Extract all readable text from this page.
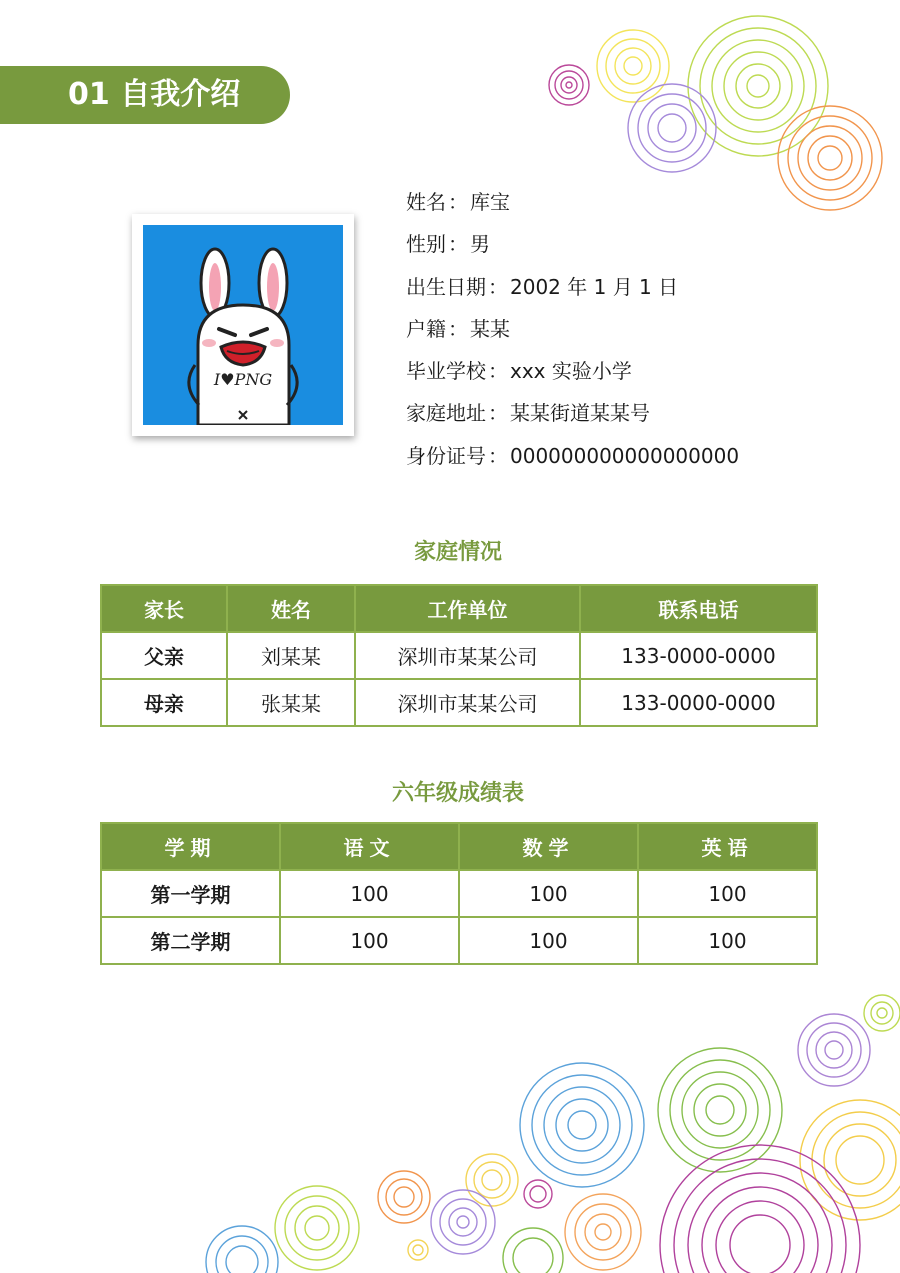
01 自我介绍
I♥PNG
姓名 ： 库宝
性别 ： 男
出生日期 ： 2002 年 1 月 1 日
户籍 ： 某某
毕业学校 ： xxx 实验小学
家庭地址 ： 某某街道某某号
身份证号 ： 000000000000000000
家庭情况
家长	姓名	工作单位	联系电话
父亲	刘某某	深圳市某某公司	133-0000-0000
母亲	张某某	深圳市某某公司	133-0000-0000
六年级成绩表
学期	语文	数学	英语
第一学期	100	100	100
第二学期	100	100	100
